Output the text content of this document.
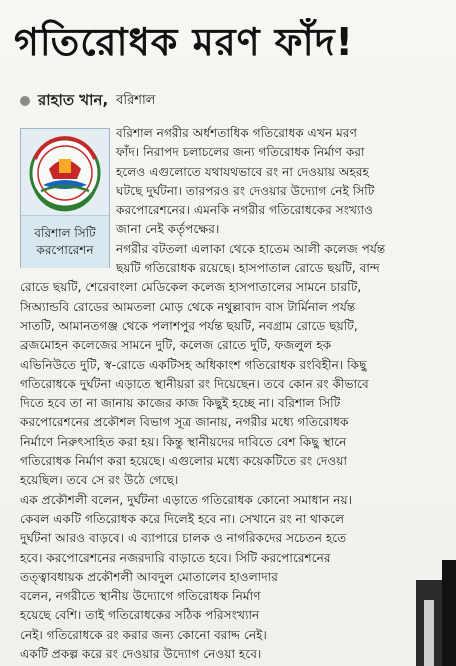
গতিরোধক মরণ ফাঁদ!
রাহাত খান, বরিশাল
বরিশাল সিটি
করপোরেশন
বরিশাল নগরীর অর্ধশতাধিক গতিরোধক এখন মরণ
ফাঁদ। নিরাপদ চলাচলের জন্য গতিরোধক নির্মাণ করা
হলেও এগুলোতে যথাযথভাবে রং না দেওয়ায় অহরহ
ঘটছে দুর্ঘটনা। তারপরও রং দেওয়ার উদ্যোগ নেই সিটি
করপোরেশনের। এমনকি নগরীর গতিরোধকের সংখ্যাও
জানা নেই কর্তৃপক্ষের।
নগরীর বটতলা এলাকা থেকে হাতেম আলী কলেজ পর্যন্ত
ছয়টি গতিরোধক রয়েছে। হাসপাতাল রোডে ছয়টি, বান্দ
রোডে ছয়টি, শেরেবাংলা মেডিকেল কলেজ হাসপাতালের সামনে চারটি,
সিঅ্যান্ডবি রোডের আমতলা মোড় থেকে নথুল্লাবাদ বাস টার্মিনাল পর্যন্ত
সাতটি, আমানতগঞ্জ থেকে পলাশপুর পর্যন্ত ছয়টি, নবগ্রাম রোডে ছয়টি,
ব্রজমোহন কলেজের সামনে দুটি, কলেজ রোতে দুটি, ফজলুল হক
এভিনিউতে দুটি, স্ব-রোডে একটিসহ অধিকাংশ গতিরোধক রংবিহীন। কিছু
গতিরোধকে দুর্ঘটনা এড়াতে স্থানীয়রা রং দিয়েছেন। তবে কোন রং কীভাবে
দিতে হবে তা না জানায় কাজের কাজ কিছুই হচ্ছে না। বরিশাল সিটি
করপোরেশনের প্রকৌশল বিভাগ সূত্র জানায়, নগরীর মধ্যে গতিরোধক
নির্মাণে নিরুৎসাহিত করা হয়। কিন্তু স্থানীয়দের দাবিতে বেশ কিছু স্থানে
গতিরোধক নির্মাণ করা হয়েছে। এগুলোর মধ্যে কয়েকটিতে রং দেওয়া
হয়েছিল। তবে সে রং উঠে গেছে।
এক প্রকৌশলী বলেন, দুর্ঘটনা এড়াতে গতিরোধক কোনো সমাধান নয়।
কেবল একটি গতিরোধক করে দিলেই হবে না। সেখানে রং না থাকলে
দুর্ঘটনা আরও বাড়বে। এ ব্যাপারে চালক ও নাগরিকদের সচেতন হতে
হবে। করপোরেশনের নজরদারি বাড়াতে হবে। সিটি করপোরেশনের
তত্ত্বাবধায়ক প্রকৌশলী আবদুল মোতালেব হাওলাদার
বলেন, নগরীতে স্থানীয় উদ্যোগে গতিরোধক নির্মাণ
হয়েছে বেশি। তাই গতিরোধকের সঠিক পরিসংখ্যান
নেই। গতিরোধকে রং করার জন্য কোনো বরাদ্দ নেই।
একটি প্রকল্প করে রং দেওয়ার উদ্যোগ নেওয়া হবে।
